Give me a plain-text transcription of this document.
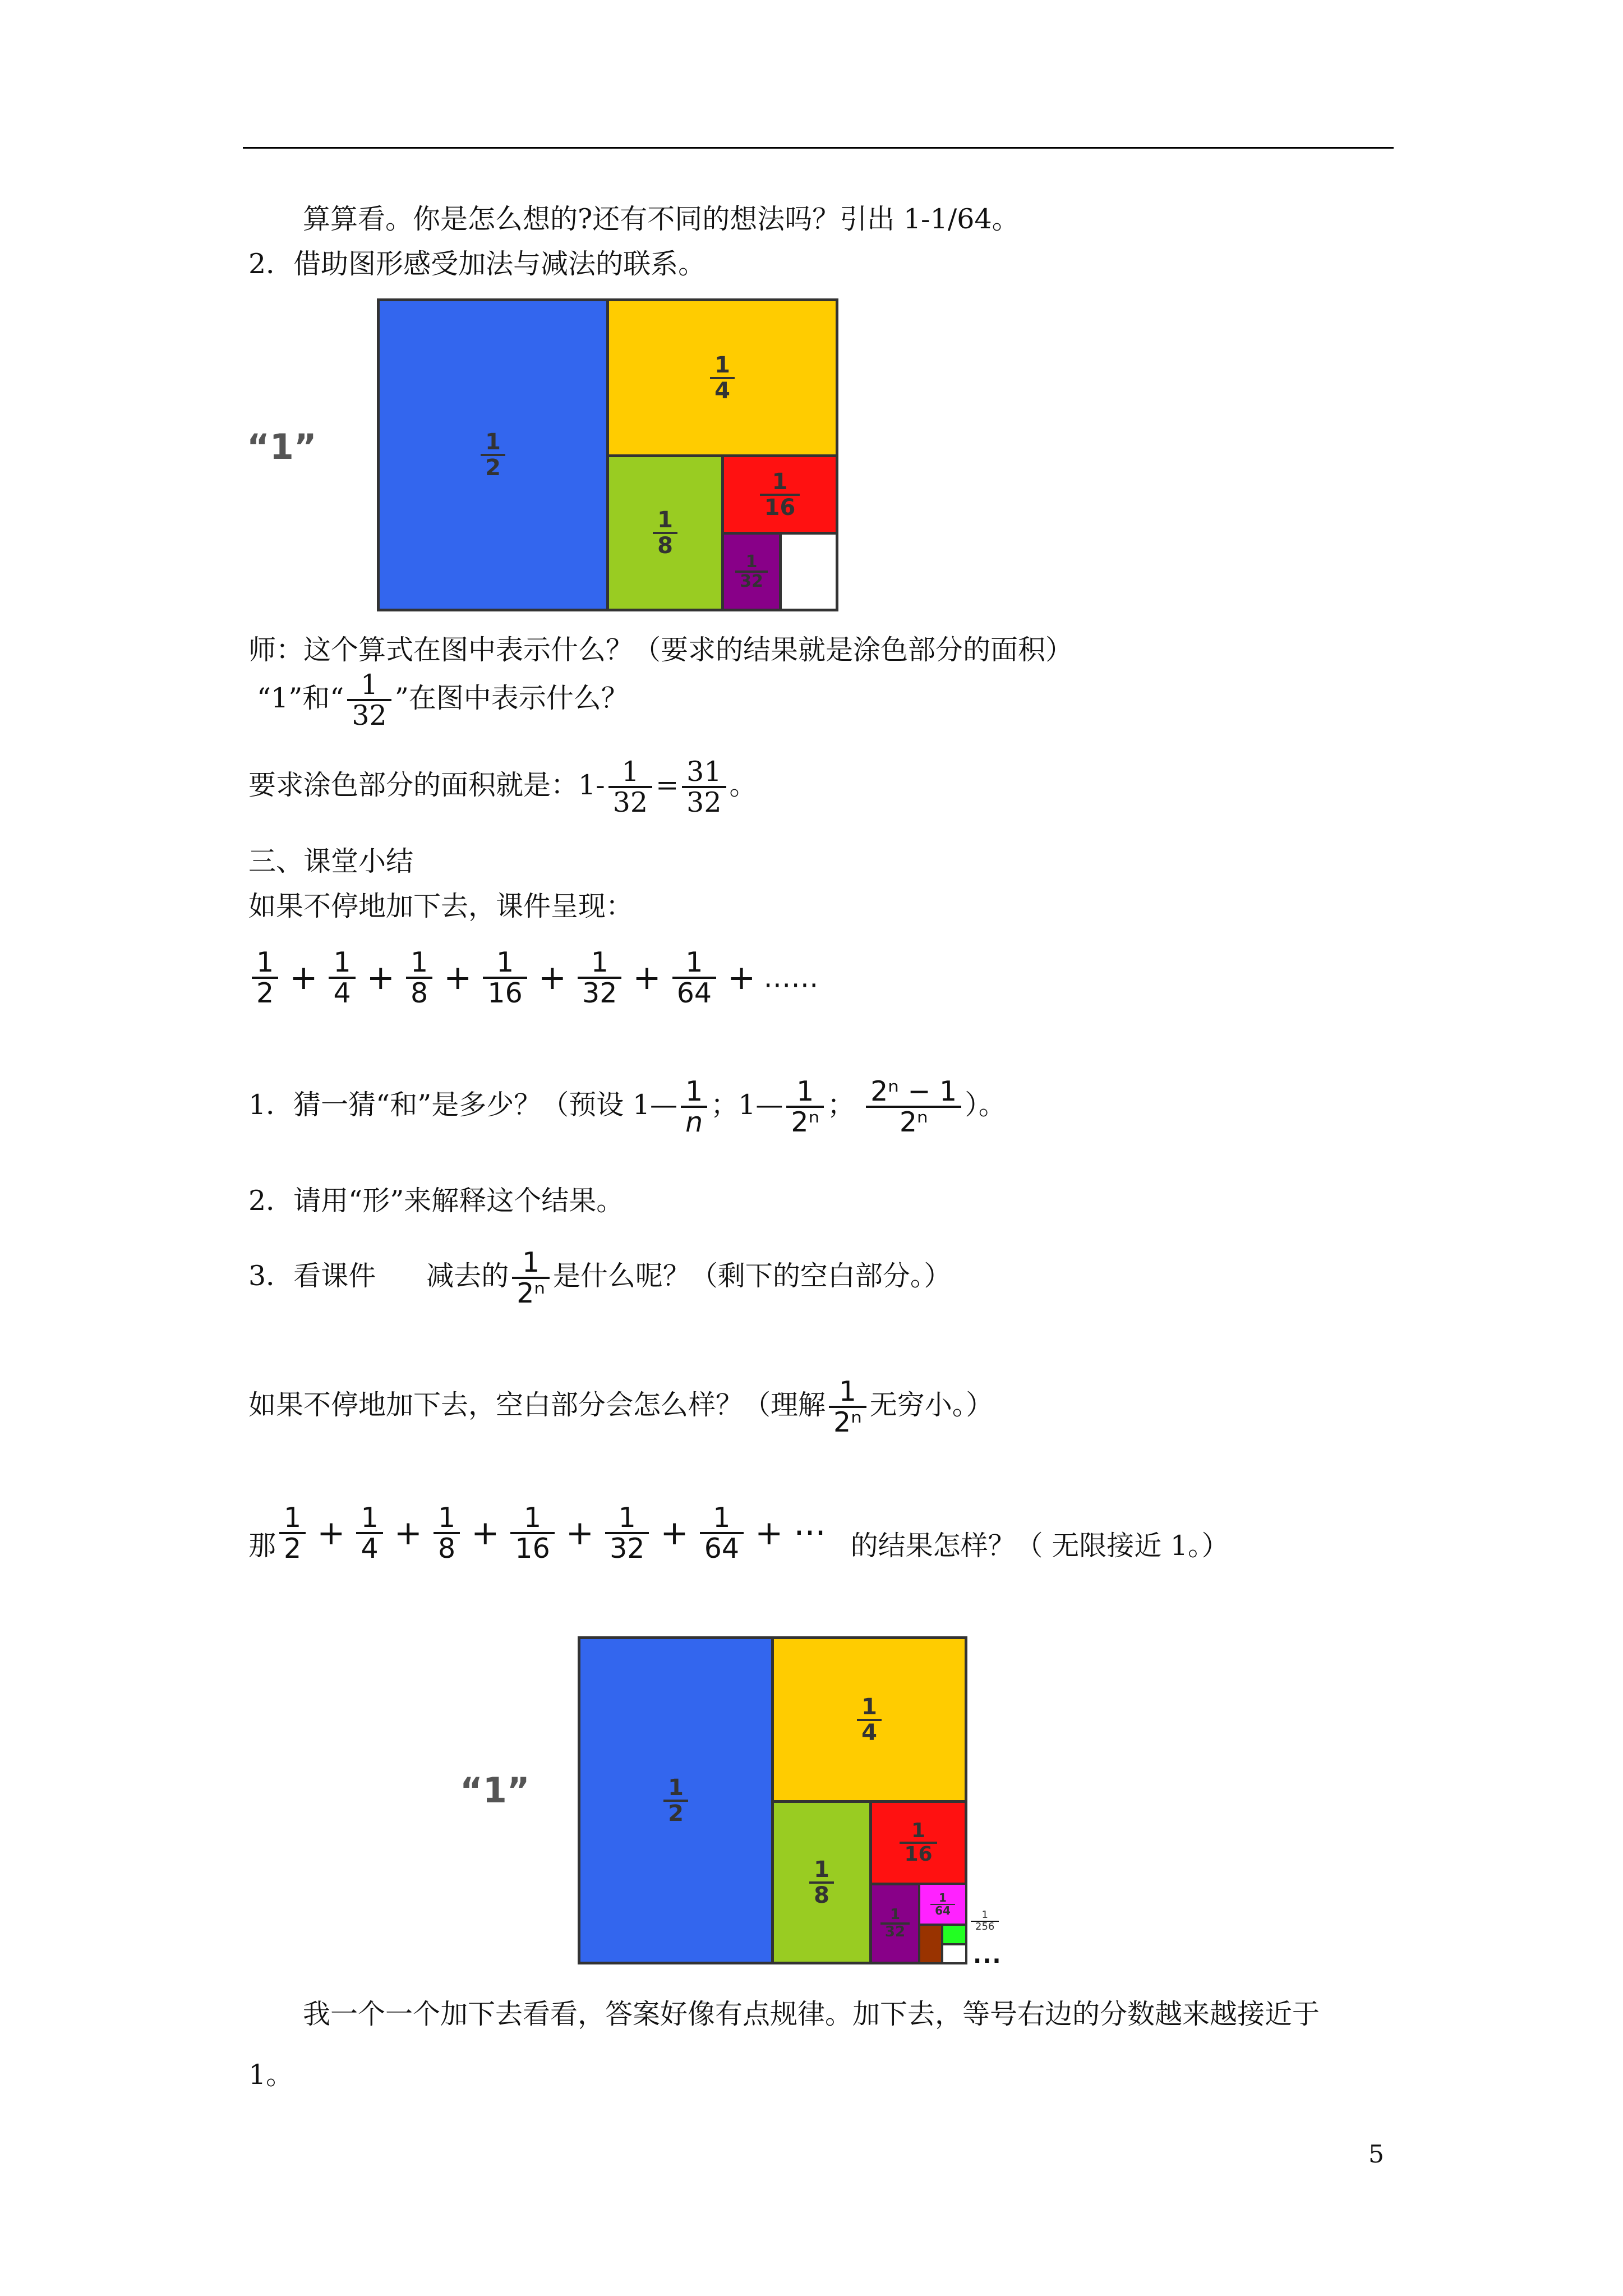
算算看。你是怎么想的?还有不同的想法吗？引出 1-1/64。
2．借助图形感受加法与减法的联系。
“1”	$\frac{1}{2}$
$\frac{1}{4}$
$\frac{1}{8}$
$\frac{1}{16}$
$\frac{1}{32}$
师：这个算式在图中表示什么？（要求的结果就是涂色部分的面积）
“1”和“ $\frac{1}{32}$ ”在图中表示什么？
要求涂色部分的面积就是：$1- \frac{1}{32} = \frac{31}{32}$ 。
三、课堂小结
如果不停地加下去，课件呈现：
$\frac{1}{2} + \frac{1}{4} + \frac{1}{8} + \frac{1}{16} + \frac{1}{32} + \frac{1}{64}$ + ……
1．猜一猜“和”是多少？（预设 1— $\frac{1}{n}$ ；1— $\frac{1}{\text{2ⁿ}}$ ； $\frac{\text{2ⁿ − 1}}{\text{2ⁿ}}$ ）。
2．请用“形”来解释这个结果。
3．看课件 减去的 $\frac{1}{\text{2ⁿ}}$ 是什么呢？（剩下的空白部分。）
如果不停地加下去，空白部分会怎么样？（理解 $\frac{1}{\text{2ⁿ}}$ 无穷小。）
那 $\frac{1}{2} + \frac{1}{4} + \frac{1}{8} + \frac{1}{16} + \frac{1}{32} + \frac{1}{64}$ + ··· 的结果怎样？（ 无限接近 1。）
“1”	$\frac{1}{2}$
$\frac{1}{4}$
$\frac{1}{8}$
$\frac{1}{16}$
$\frac{1}{32}$
$\frac{1}{64}$
$\frac{1}{256}$
···
我一个一个加下去看看，答案好像有点规律。加下去，等号右边的分数越来越接近于
1。
5
